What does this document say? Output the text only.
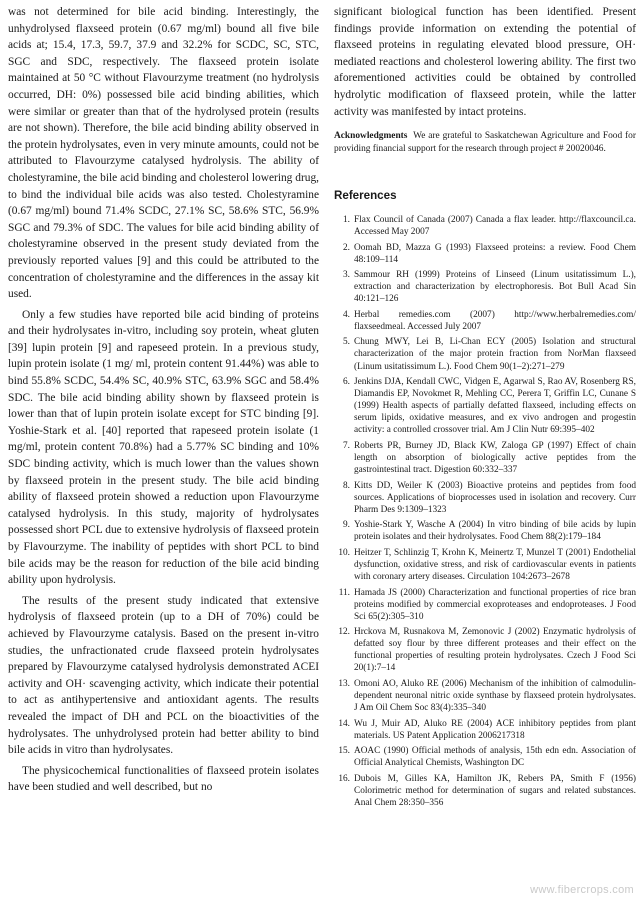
was not determined for bile acid binding. Interestingly, the unhydrolysed flaxseed protein (0.67 mg/ml) bound all five bile acids at; 15.4, 17.3, 59.7, 37.9 and 32.2% for SCDC, SC, STC, SGC and SDC, respectively. The flaxseed protein isolate maintained at 50 °C without Flavourzyme treatment (no hydrolysis occurred, DH: 0%) possessed bile acid binding abilities, which were similar or greater than that of the hydrolysed protein (results are not shown). Therefore, the bile acid binding ability observed in the protein hydrolysates, even in very minute amounts, could not be attributed to Flavourzyme catalysed hydrolysis. The ability of cholestyramine, the bile acid binding and cholesterol lowering drug, to bind the individual bile acids was also tested. Cholestyramine (0.67 mg/ml) bound 71.4% SCDC, 27.1% SC, 58.6% STC, 56.9% SGC and 79.3% of SDC. The values for bile acid binding ability of cholestyramine observed in the present study deviated from the previously reported values [9] and this could be attributed to the concentration of cholestyramine and the differences in the assay kit used.

Only a few studies have reported bile acid binding of proteins and their hydrolysates in-vitro, including soy protein, wheat gluten [39] lupin protein [9] and rapeseed protein. In a previous study, lupin protein isolate (1 mg/ ml, protein content 91.44%) was able to bind 55.8% SCDC, 54.4% SC, 40.9% STC, 63.9% SGC and 58.4% SDC. The bile acid binding ability shown by flaxseed protein is lower than that of lupin protein isolate except for STC binding [9]. Yoshie-Stark et al. [40] reported that rapeseed protein isolate (1 mg/ml, protein content 70.8%) had a 5.77% SC binding and 10% SDC binding activity, which is much lower than the values shown by flaxseed protein in the present study. The bile acid binding ability of flaxseed protein showed a reduction upon Flavourzyme catalysed hydrolysis. In this study, majority of hydrolysates possessed short PCL due to extensive hydrolysis of flaxseed protein by Flavourzyme. The inability of peptides with short PCL to bind bile acids may be the reason for reduction of the bile acid binding ability upon hydrolysis.

The results of the present study indicated that extensive hydrolysis of flaxseed protein (up to a DH of 70%) could be achieved by Flavourzyme catalysis. Based on the present in-vitro studies, the unfractionated crude flaxseed protein hydrolysates prepared by Flavourzyme catalysed hydrolysis demonstrated ACEI activity and OH· scavenging activity, which indicate their potential to act as antihypertensive and antioxidant agents. The results revealed the impact of DH and PCL on the bioactivities of the hydrolysates. The unhydrolysed protein had better ability to bind bile acids in vitro than hydrolysates.

The physicochemical functionalities of flaxseed protein isolates have been studied and well described, but no

significant biological function has been identified. Present findings provide information on extending the potential of flaxseed proteins in regulating elevated blood pressure, OH· mediated reactions and cholesterol lowering ability. The first two aforementioned activities could be obtained by controlled hydrolytic modification of flaxseed protein, while the latter activity was manifested by intact proteins.

Acknowledgments We are grateful to Saskatchewan Agriculture and Food for providing financial support for the research through project # 20020046.

References
1. Flax Council of Canada (2007) Canada a flax leader. http://flaxcouncil.ca. Accessed May 2007
2. Oomah BD, Mazza G (1993) Flaxseed proteins: a review. Food Chem 48:109–114
3. Sammour RH (1999) Proteins of Linseed (Linum usitatissimum L.), extraction and characterization by electrophoresis. Bot Bull Acad Sin 40:121–126
4. Herbal remedies.com (2007) http://www.herbalremedies.com/ flaxseedmeal. Accessed July 2007
5. Chung MWY, Lei B, Li-Chan ECY (2005) Isolation and structural characterization of the major protein fraction from NorMan flaxseed (Linum usitatissimum L.). Food Chem 90(1–2):271–279
6. Jenkins DJA, Kendall CWC, Vidgen E, Agarwal S, Rao AV, Rosenberg RS, Diamandis EP, Novokmet R, Mehling CC, Perera T, Griffin LC, Cunane S (1999) Health aspects of partially defatted flaxseed, including effects on serum lipids, oxidative measures, and ex vivo androgen and progestin activity: a controlled crossover trial. Am J Clin Nutr 69:395–402
7. Roberts PR, Burney JD, Black KW, Zaloga GP (1997) Effect of chain length on absorption of biologically active peptides from the gastrointestinal tract. Digestion 60:332–337
8. Kitts DD, Weiler K (2003) Bioactive proteins and peptides from food sources. Applications of bioprocesses used in isolation and recovery. Curr Pharm Des 9:1309–1323
9. Yoshie-Stark Y, Wasche A (2004) In vitro binding of bile acids by lupin protein isolates and their hydrolysates. Food Chem 88(2):179–184
10. Heitzer T, Schlinzig T, Krohn K, Meinertz T, Munzel T (2001) Endothelial dysfunction, oxidative stress, and risk of cardiovascular events in patients with coronary artery diseases. Circulation 104:2673–2678
11. Hamada JS (2000) Characterization and functional properties of rice bran proteins modified by commercial exoproteases and endoproteases. J Food Sci 65(2):305–310
12. Hrckova M, Rusnakova M, Zemonovic J (2002) Enzymatic hydrolysis of defatted soy flour by three different proteases and their effect on the functional properties of resulting protein hydrolysates. Czech J Food Sci 20(1):7–14
13. Omoni AO, Aluko RE (2006) Mechanism of the inhibition of calmodulin-dependent neuronal nitric oxide synthase by flaxseed protein hydrolysates. J Am Oil Chem Soc 83(4):335–340
14. Wu J, Muir AD, Aluko RE (2004) ACE inhibitory peptides from plant materials. US Patent Application 2006217318
15. AOAC (1990) Official methods of analysis, 15th edn edn. Association of Official Analytical Chemists, Washington DC
16. Dubois M, Gilles KA, Hamilton JK, Rebers PA, Smith F (1956) Colorimetric method for determination of sugars and related substances. Anal Chem 28:350–356
www.fibercrops.com
